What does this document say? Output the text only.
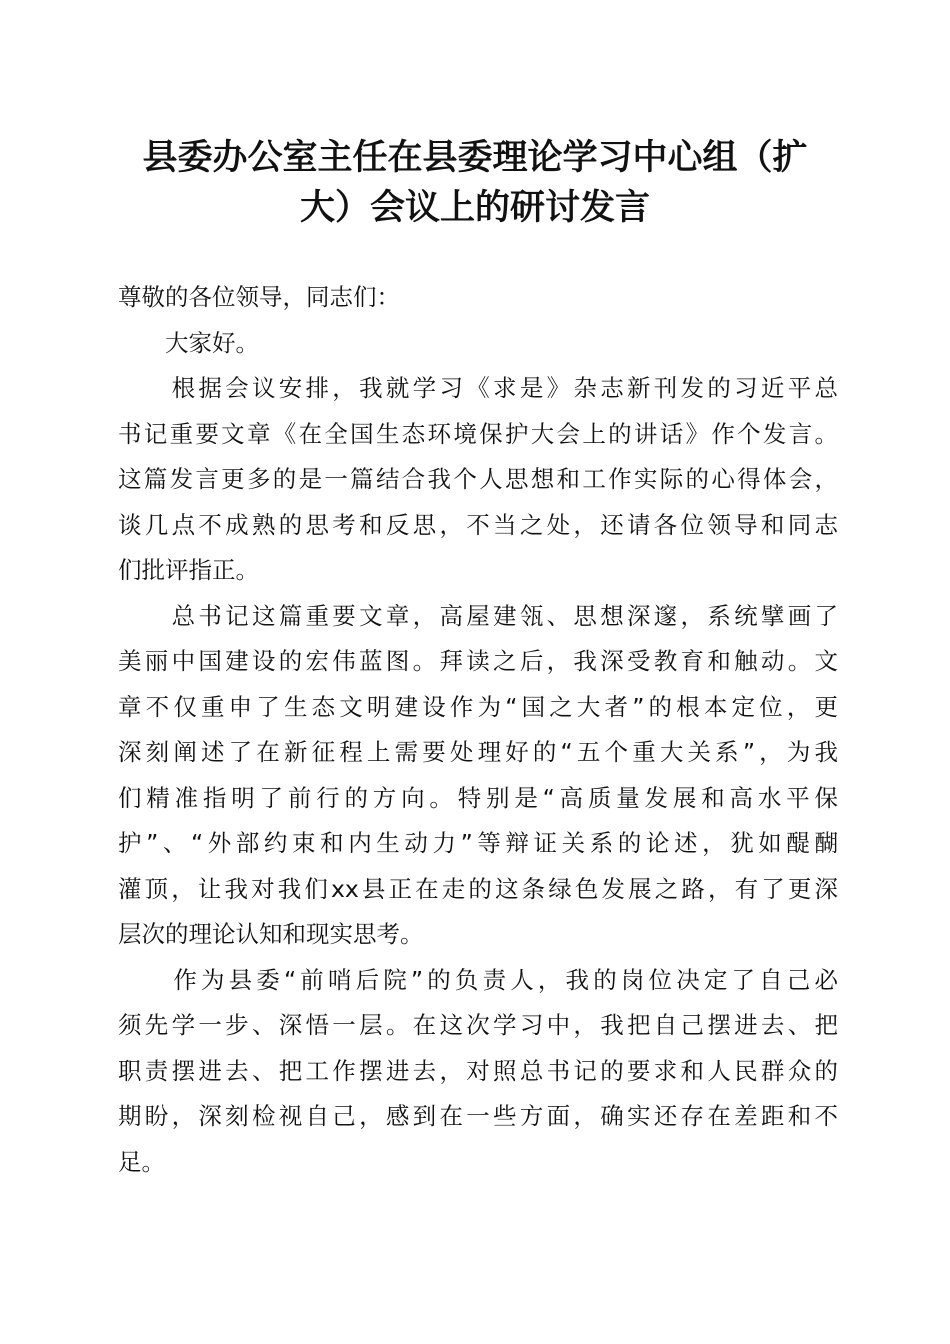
县委办公室主任在县委理论学习中心组（扩
大）会议上的研讨发言
尊敬的各位领导，同志们：
　　大家好。
　　根据会议安排，我就学习《求是》杂志新刊发的习近平总
书记重要文章《在全国生态环境保护大会上的讲话》作个发言。
这篇发言更多的是一篇结合我个人思想和工作实际的心得体会，
谈几点不成熟的思考和反思，不当之处，还请各位领导和同志
们批评指正。
　　总书记这篇重要文章，高屋建瓴、思想深邃，系统擘画了
美丽中国建设的宏伟蓝图。拜读之后，我深受教育和触动。文
章不仅重申了生态文明建设作为“国之大者”的根本定位，更
深刻阐述了在新征程上需要处理好的“五个重大关系”，为我
们精准指明了前行的方向。特别是“高质量发展和高水平保
护”、“外部约束和内生动力”等辩证关系的论述，犹如醍醐
灌顶，让我对我们xx县正在走的这条绿色发展之路，有了更深
层次的理论认知和现实思考。
　　作为县委“前哨后院”的负责人，我的岗位决定了自己必
须先学一步、深悟一层。在这次学习中，我把自己摆进去、把
职责摆进去、把工作摆进去，对照总书记的要求和人民群众的
期盼，深刻检视自己，感到在一些方面，确实还存在差距和不
足。
